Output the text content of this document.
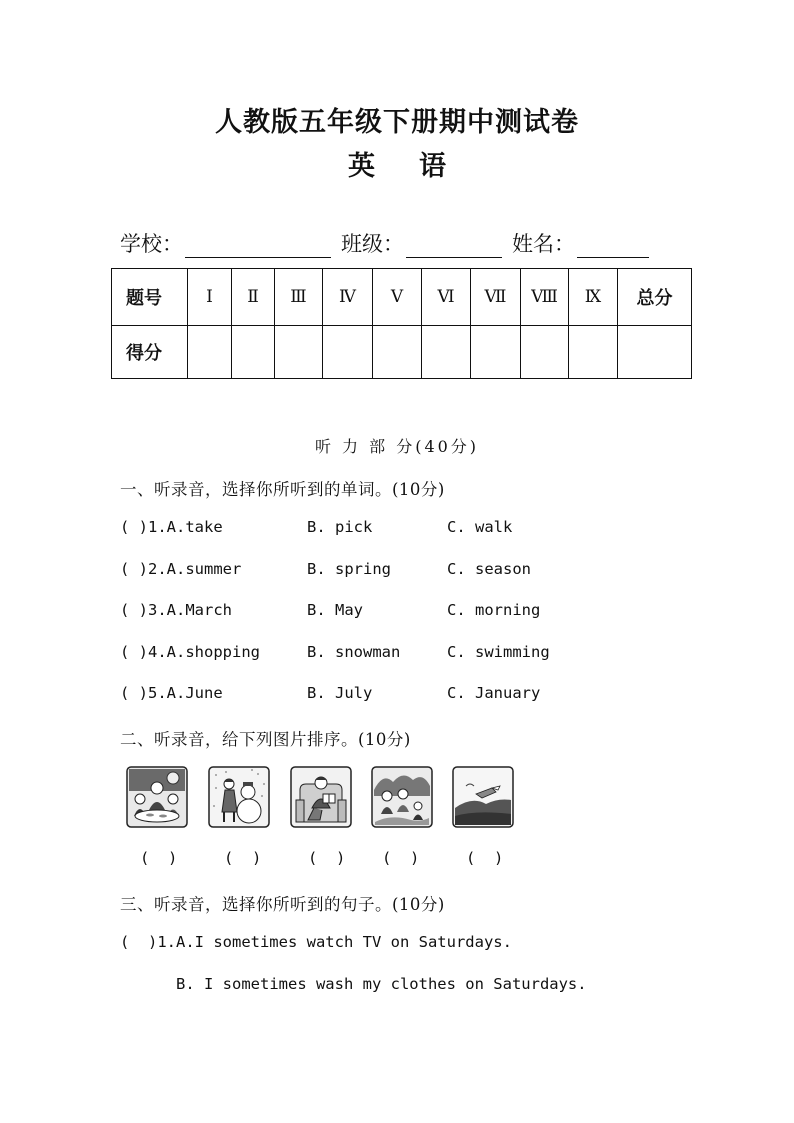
人教版五年级下册期中测试卷
英语
学校：	班级：	姓名：
题号	Ⅰ	Ⅱ	Ⅲ	Ⅳ	Ⅴ	Ⅵ	Ⅶ	Ⅷ	Ⅸ	总分
得分										
听 力 部 分(40分)
一、听录音，选择你所听到的单词。(10分)
( )1.A.take	B. pick	C. walk
( )2.A.summer	B. spring	C. season
( )3.A.March	B. May	C. morning
( )4.A.shopping	B. snowman	C. swimming
( )5.A.June	B. July	C. January
二、听录音，给下列图片排序。(10分)
(  )	(  )	(  ) (  )	(  )
三、听录音，选择你所听到的句子。(10分)
(  )1.A.I sometimes watch TV on Saturdays.
B. I sometimes wash my clothes on Saturdays.
